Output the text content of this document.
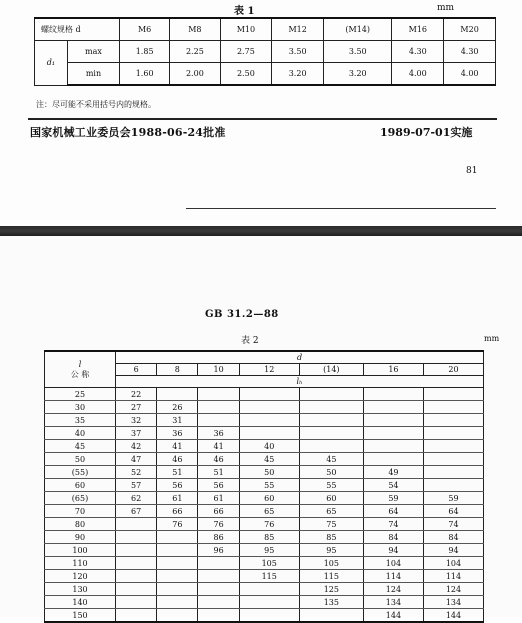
表 1	mm
螺纹规格 d		M6	M8	M10	M12	(M14)	M16	M20
d₁	max	1.85	2.25	2.75	3.50	3.50	4.30	4.30
	min	1.60	2.00	2.50	3.20	3.20	4.00	4.00
注：尽可能不采用括号内的规格。
国家机械工业委员会1988-06-24批准	1989-07-01实施
81
GB 31.2—88
表 2	mm
l
公 称	d						
	6	8	10	12	(14)	16	20
	lₕ						
25	22						
30	27	26					
35	32	31					
40	37	36	36				
45	42	41	41	40			
50	47	46	46	45	45		
(55)	52	51	51	50	50	49	
60	57	56	56	55	55	54	
(65)	62	61	61	60	60	59	59
70	67	66	66	65	65	64	64
80		76	76	76	75	74	74
90			86	85	85	84	84
100			96	95	95	94	94
110				105	105	104	104
120				115	115	114	114
130					125	124	124
140					135	134	134
150						144	144
